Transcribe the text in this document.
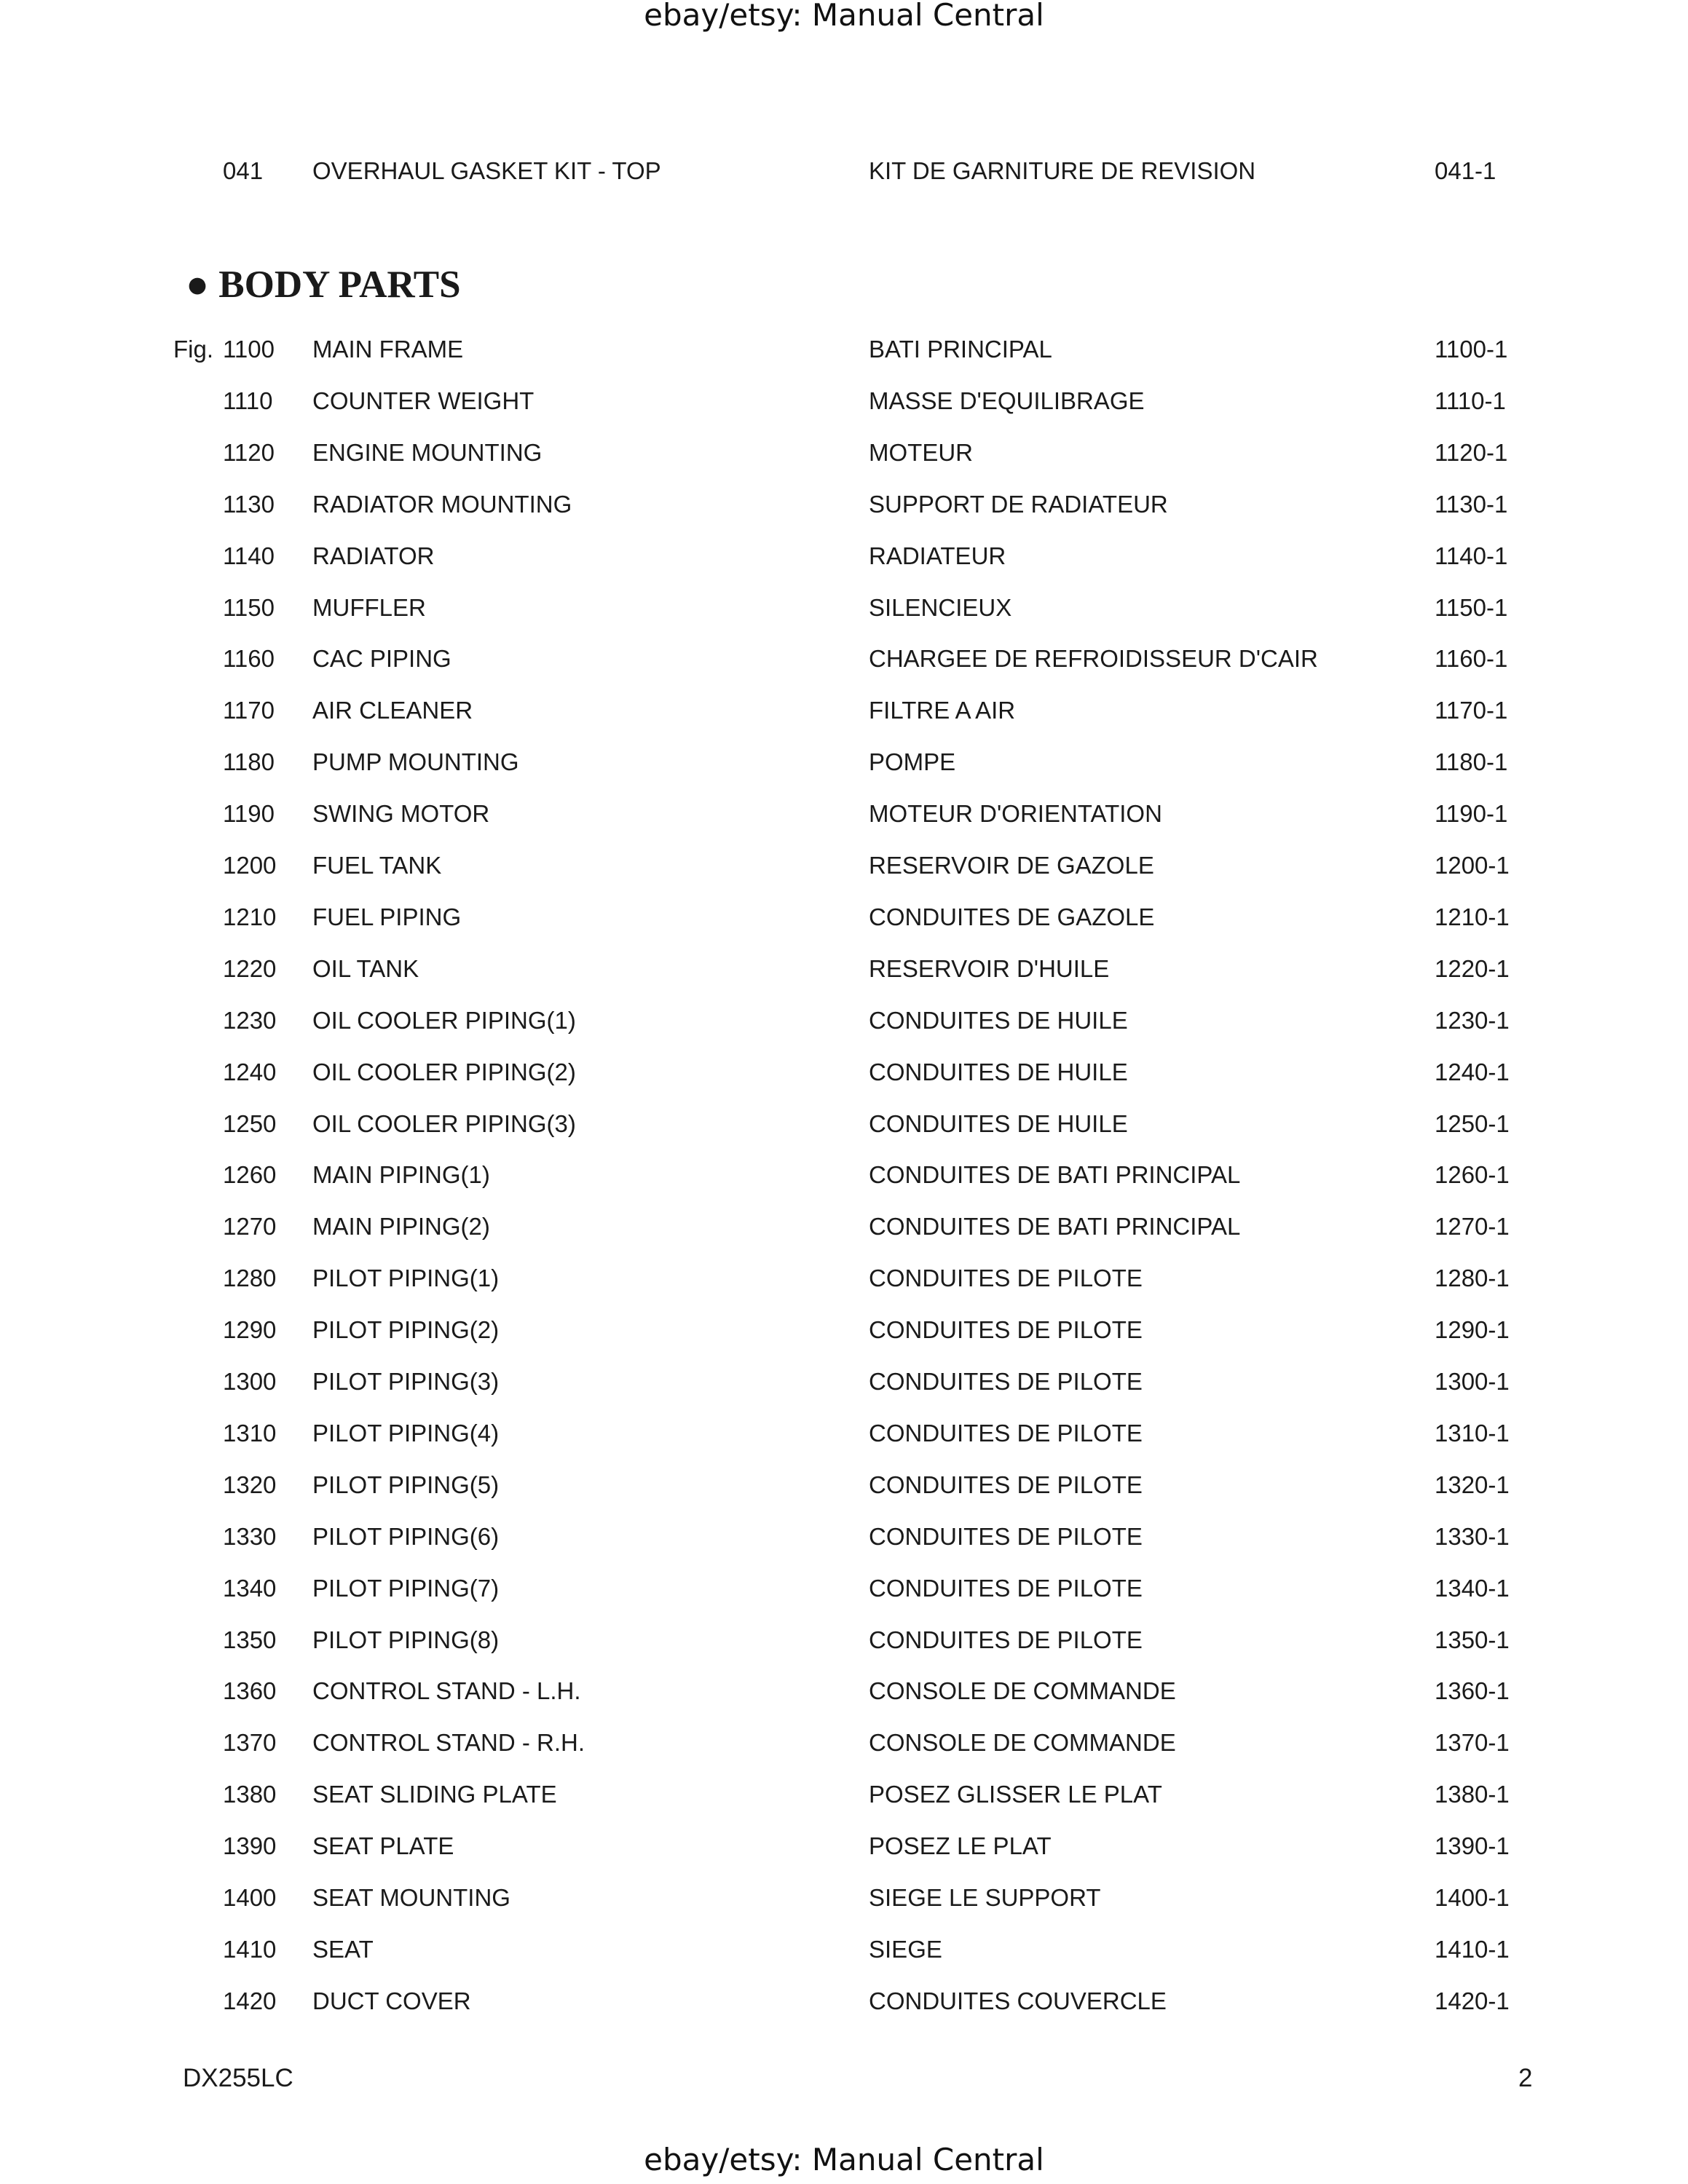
ebay/etsy: Manual Central
041 OVERHAUL GASKET KIT - TOP	KIT DE GARNITURE DE REVISION	041-1
● BODY PARTS
Fig. 1100 MAIN FRAME	BATI PRINCIPAL	1100-1
1110 COUNTER WEIGHT	MASSE D'EQUILIBRAGE	1110-1
1120 ENGINE MOUNTING	MOTEUR	1120-1
1130 RADIATOR MOUNTING	SUPPORT DE RADIATEUR	1130-1
1140 RADIATOR	RADIATEUR	1140-1
1150 MUFFLER	SILENCIEUX	1150-1
1160 CAC PIPING	CHARGEE DE REFROIDISSEUR D'CAIR	1160-1
1170 AIR CLEANER	FILTRE A AIR	1170-1
1180 PUMP MOUNTING	POMPE	1180-1
1190 SWING MOTOR	MOTEUR D'ORIENTATION	1190-1
1200 FUEL TANK	RESERVOIR DE GAZOLE	1200-1
1210 FUEL PIPING	CONDUITES DE GAZOLE	1210-1
1220 OIL TANK	RESERVOIR D'HUILE	1220-1
1230 OIL COOLER PIPING(1)	CONDUITES DE HUILE	1230-1
1240 OIL COOLER PIPING(2)	CONDUITES DE HUILE	1240-1
1250 OIL COOLER PIPING(3)	CONDUITES DE HUILE	1250-1
1260 MAIN PIPING(1)	CONDUITES DE BATI PRINCIPAL	1260-1
1270 MAIN PIPING(2)	CONDUITES DE BATI PRINCIPAL	1270-1
1280 PILOT PIPING(1)	CONDUITES DE PILOTE	1280-1
1290 PILOT PIPING(2)	CONDUITES DE PILOTE	1290-1
1300 PILOT PIPING(3)	CONDUITES DE PILOTE	1300-1
1310 PILOT PIPING(4)	CONDUITES DE PILOTE	1310-1
1320 PILOT PIPING(5)	CONDUITES DE PILOTE	1320-1
1330 PILOT PIPING(6)	CONDUITES DE PILOTE	1330-1
1340 PILOT PIPING(7)	CONDUITES DE PILOTE	1340-1
1350 PILOT PIPING(8)	CONDUITES DE PILOTE	1350-1
1360 CONTROL STAND - L.H.	CONSOLE DE COMMANDE	1360-1
1370 CONTROL STAND - R.H.	CONSOLE DE COMMANDE	1370-1
1380 SEAT SLIDING PLATE	POSEZ GLISSER LE PLAT	1380-1
1390 SEAT PLATE	POSEZ LE PLAT	1390-1
1400 SEAT MOUNTING	SIEGE LE SUPPORT	1400-1
1410 SEAT	SIEGE	1410-1
1420 DUCT COVER	CONDUITES COUVERCLE	1420-1
DX255LC	2
ebay/etsy: Manual Central
